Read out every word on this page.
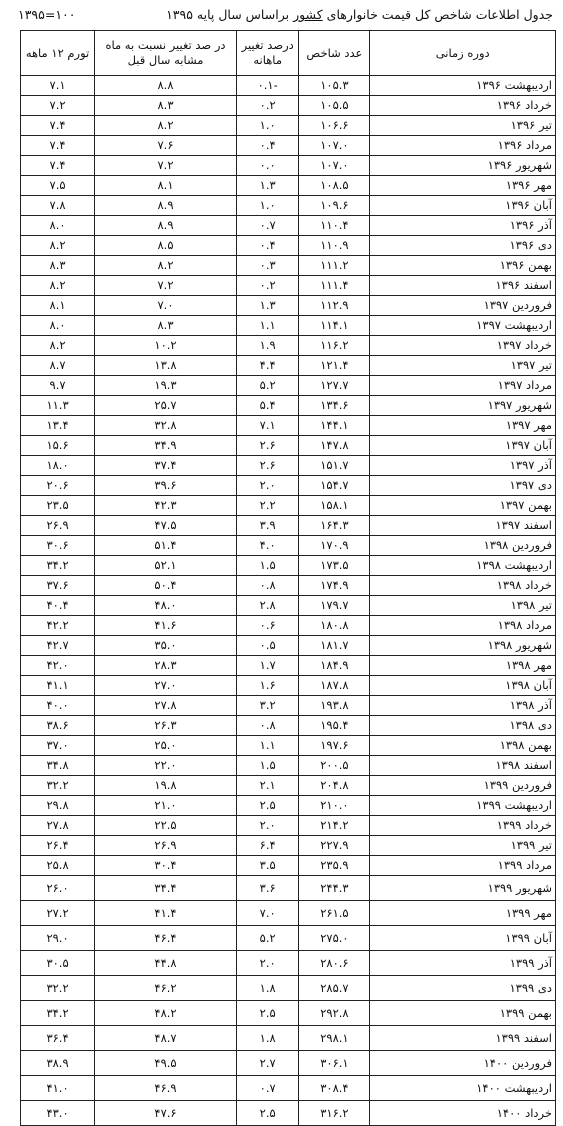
جدول اطلاعات شاخص کل قیمت خانوارهای کشور براساس سال پایه ۱۳۹۵
۱۳۹۵=۱۰۰
دوره زمانی	عدد شاخص	درصد تغییر ماهانه	در صد تغییر نسبت به ماه مشابه سال قبل	تورم ۱۲ ماهه
اردیبهشت ۱۳۹۶	۱۰۵.۳	-۰.۱	۸.۸	۷.۱
خرداد ۱۳۹۶	۱۰۵.۵	۰.۲	۸.۳	۷.۲
تیر ۱۳۹۶	۱۰۶.۶	۱.۰	۸.۲	۷.۴
مرداد ۱۳۹۶	۱۰۷.۰	۰.۴	۷.۶	۷.۴
شهریور ۱۳۹۶	۱۰۷.۰	۰.۰	۷.۲	۷.۴
مهر ۱۳۹۶	۱۰۸.۵	۱.۳	۸.۱	۷.۵
آبان ۱۳۹۶	۱۰۹.۶	۱.۰	۸.۹	۷.۸
آذر ۱۳۹۶	۱۱۰.۴	۰.۷	۸.۹	۸.۰
دی ۱۳۹۶	۱۱۰.۹	۰.۴	۸.۵	۸.۲
بهمن ۱۳۹۶	۱۱۱.۲	۰.۳	۸.۲	۸.۳
اسفند ۱۳۹۶	۱۱۱.۴	۰.۲	۷.۲	۸.۲
فروردین ۱۳۹۷	۱۱۲.۹	۱.۳	۷.۰	۸.۱
اردیبهشت ۱۳۹۷	۱۱۴.۱	۱.۱	۸.۳	۸.۰
خرداد ۱۳۹۷	۱۱۶.۲	۱.۹	۱۰.۲	۸.۲
تیر ۱۳۹۷	۱۲۱.۴	۴.۴	۱۳.۸	۸.۷
مرداد ۱۳۹۷	۱۲۷.۷	۵.۲	۱۹.۳	۹.۷
شهریور ۱۳۹۷	۱۳۴.۶	۵.۴	۲۵.۷	۱۱.۳
مهر ۱۳۹۷	۱۴۴.۱	۷.۱	۳۲.۸	۱۳.۴
آبان ۱۳۹۷	۱۴۷.۸	۲.۶	۳۴.۹	۱۵.۶
آذر ۱۳۹۷	۱۵۱.۷	۲.۶	۳۷.۴	۱۸.۰
دی ۱۳۹۷	۱۵۴.۷	۲.۰	۳۹.۶	۲۰.۶
بهمن ۱۳۹۷	۱۵۸.۱	۲.۲	۴۲.۳	۲۳.۵
اسفند ۱۳۹۷	۱۶۴.۳	۳.۹	۴۷.۵	۲۶.۹
فروردین ۱۳۹۸	۱۷۰.۹	۴.۰	۵۱.۴	۳۰.۶
اردیبهشت ۱۳۹۸	۱۷۳.۵	۱.۵	۵۲.۱	۳۴.۲
خرداد ۱۳۹۸	۱۷۴.۹	۰.۸	۵۰.۴	۳۷.۶
تیر ۱۳۹۸	۱۷۹.۷	۲.۸	۴۸.۰	۴۰.۴
مرداد ۱۳۹۸	۱۸۰.۸	۰.۶	۴۱.۶	۴۲.۲
شهریور ۱۳۹۸	۱۸۱.۷	۰.۵	۳۵.۰	۴۲.۷
مهر ۱۳۹۸	۱۸۴.۹	۱.۷	۲۸.۳	۴۲.۰
آبان ۱۳۹۸	۱۸۷.۸	۱.۶	۲۷.۰	۴۱.۱
آذر ۱۳۹۸	۱۹۳.۸	۳.۲	۲۷.۸	۴۰.۰
دی ۱۳۹۸	۱۹۵.۴	۰.۸	۲۶.۳	۳۸.۶
بهمن ۱۳۹۸	۱۹۷.۶	۱.۱	۲۵.۰	۳۷.۰
اسفند ۱۳۹۸	۲۰۰.۵	۱.۵	۲۲.۰	۳۴.۸
فروردین ۱۳۹۹	۲۰۴.۸	۲.۱	۱۹.۸	۳۲.۲
اردیبهشت ۱۳۹۹	۲۱۰.۰	۲.۵	۲۱.۰	۲۹.۸
خرداد ۱۳۹۹	۲۱۴.۲	۲.۰	۲۲.۵	۲۷.۸
تیر ۱۳۹۹	۲۲۷.۹	۶.۴	۲۶.۹	۲۶.۴
مرداد ۱۳۹۹	۲۳۵.۹	۳.۵	۳۰.۴	۲۵.۸
شهریور ۱۳۹۹	۲۴۴.۳	۳.۶	۳۴.۴	۲۶.۰
مهر ۱۳۹۹	۲۶۱.۵	۷.۰	۴۱.۴	۲۷.۲
آبان ۱۳۹۹	۲۷۵.۰	۵.۲	۴۶.۴	۲۹.۰
آذر ۱۳۹۹	۲۸۰.۶	۲.۰	۴۴.۸	۳۰.۵
دی ۱۳۹۹	۲۸۵.۷	۱.۸	۴۶.۲	۳۲.۲
بهمن ۱۳۹۹	۲۹۲.۸	۲.۵	۴۸.۲	۳۴.۲
اسفند ۱۳۹۹	۲۹۸.۱	۱.۸	۴۸.۷	۳۶.۴
فروردین ۱۴۰۰	۳۰۶.۱	۲.۷	۴۹.۵	۳۸.۹
اردیبهشت ۱۴۰۰	۳۰۸.۴	۰.۷	۴۶.۹	۴۱.۰
خرداد ۱۴۰۰	۳۱۶.۲	۲.۵	۴۷.۶	۴۳.۰
